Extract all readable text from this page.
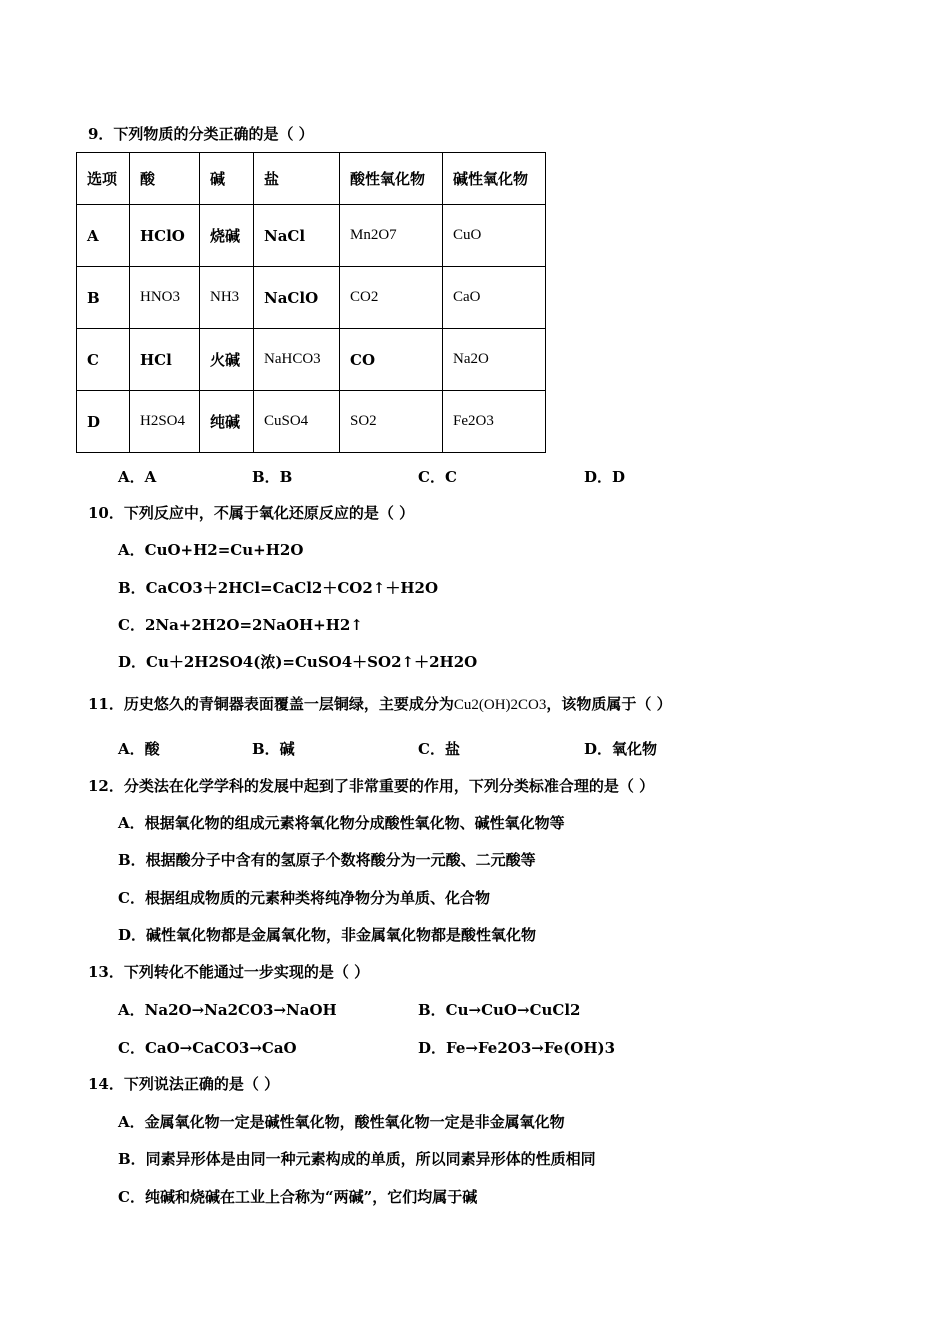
9．下列物质的分类正确的是（ ）
选项	酸	碱	盐	酸性氧化物	碱性氧化物
A	HClO	烧碱	NaCl	Mn2O7	CuO
B	HNO3	NH3	NaClO	CO2	CaO
C	HCl	火碱	NaHCO3	CO	Na2O
D	H2SO4	纯碱	CuSO4	SO2	Fe2O3
A．A	B．B	C．C	D．D
10．下列反应中，不属于氧化还原反应的是（ ）
A．CuO+H2=Cu+H2O
B．CaCO3＋2HCl=CaCl2＋CO2↑＋H2O
C．2Na+2H2O=2NaOH+H2↑
D．Cu＋2H2SO4(浓)=CuSO4＋SO2↑＋2H2O
11．历史悠久的青铜器表面覆盖一层铜绿，主要成分为Cu2(OH)2CO3，该物质属于（ ）
A．酸	B．碱	C．盐	D．氧化物
12．分类法在化学学科的发展中起到了非常重要的作用，下列分类标准合理的是（ ）
A．根据氧化物的组成元素将氧化物分成酸性氧化物、碱性氧化物等
B．根据酸分子中含有的氢原子个数将酸分为一元酸、二元酸等
C．根据组成物质的元素种类将纯净物分为单质、化合物
D．碱性氧化物都是金属氧化物，非金属氧化物都是酸性氧化物
13．下列转化不能通过一步实现的是（ ）
A．Na2O→Na2CO3→NaOH	B．Cu→CuO→CuCl2
C．CaO→CaCO3→CaO	D．Fe→Fe2O3→Fe(OH)3
14．下列说法正确的是（ ）
A．金属氧化物一定是碱性氧化物，酸性氧化物一定是非金属氧化物
B．同素异形体是由同一种元素构成的单质，所以同素异形体的性质相同
C．纯碱和烧碱在工业上合称为“两碱”，它们均属于碱
